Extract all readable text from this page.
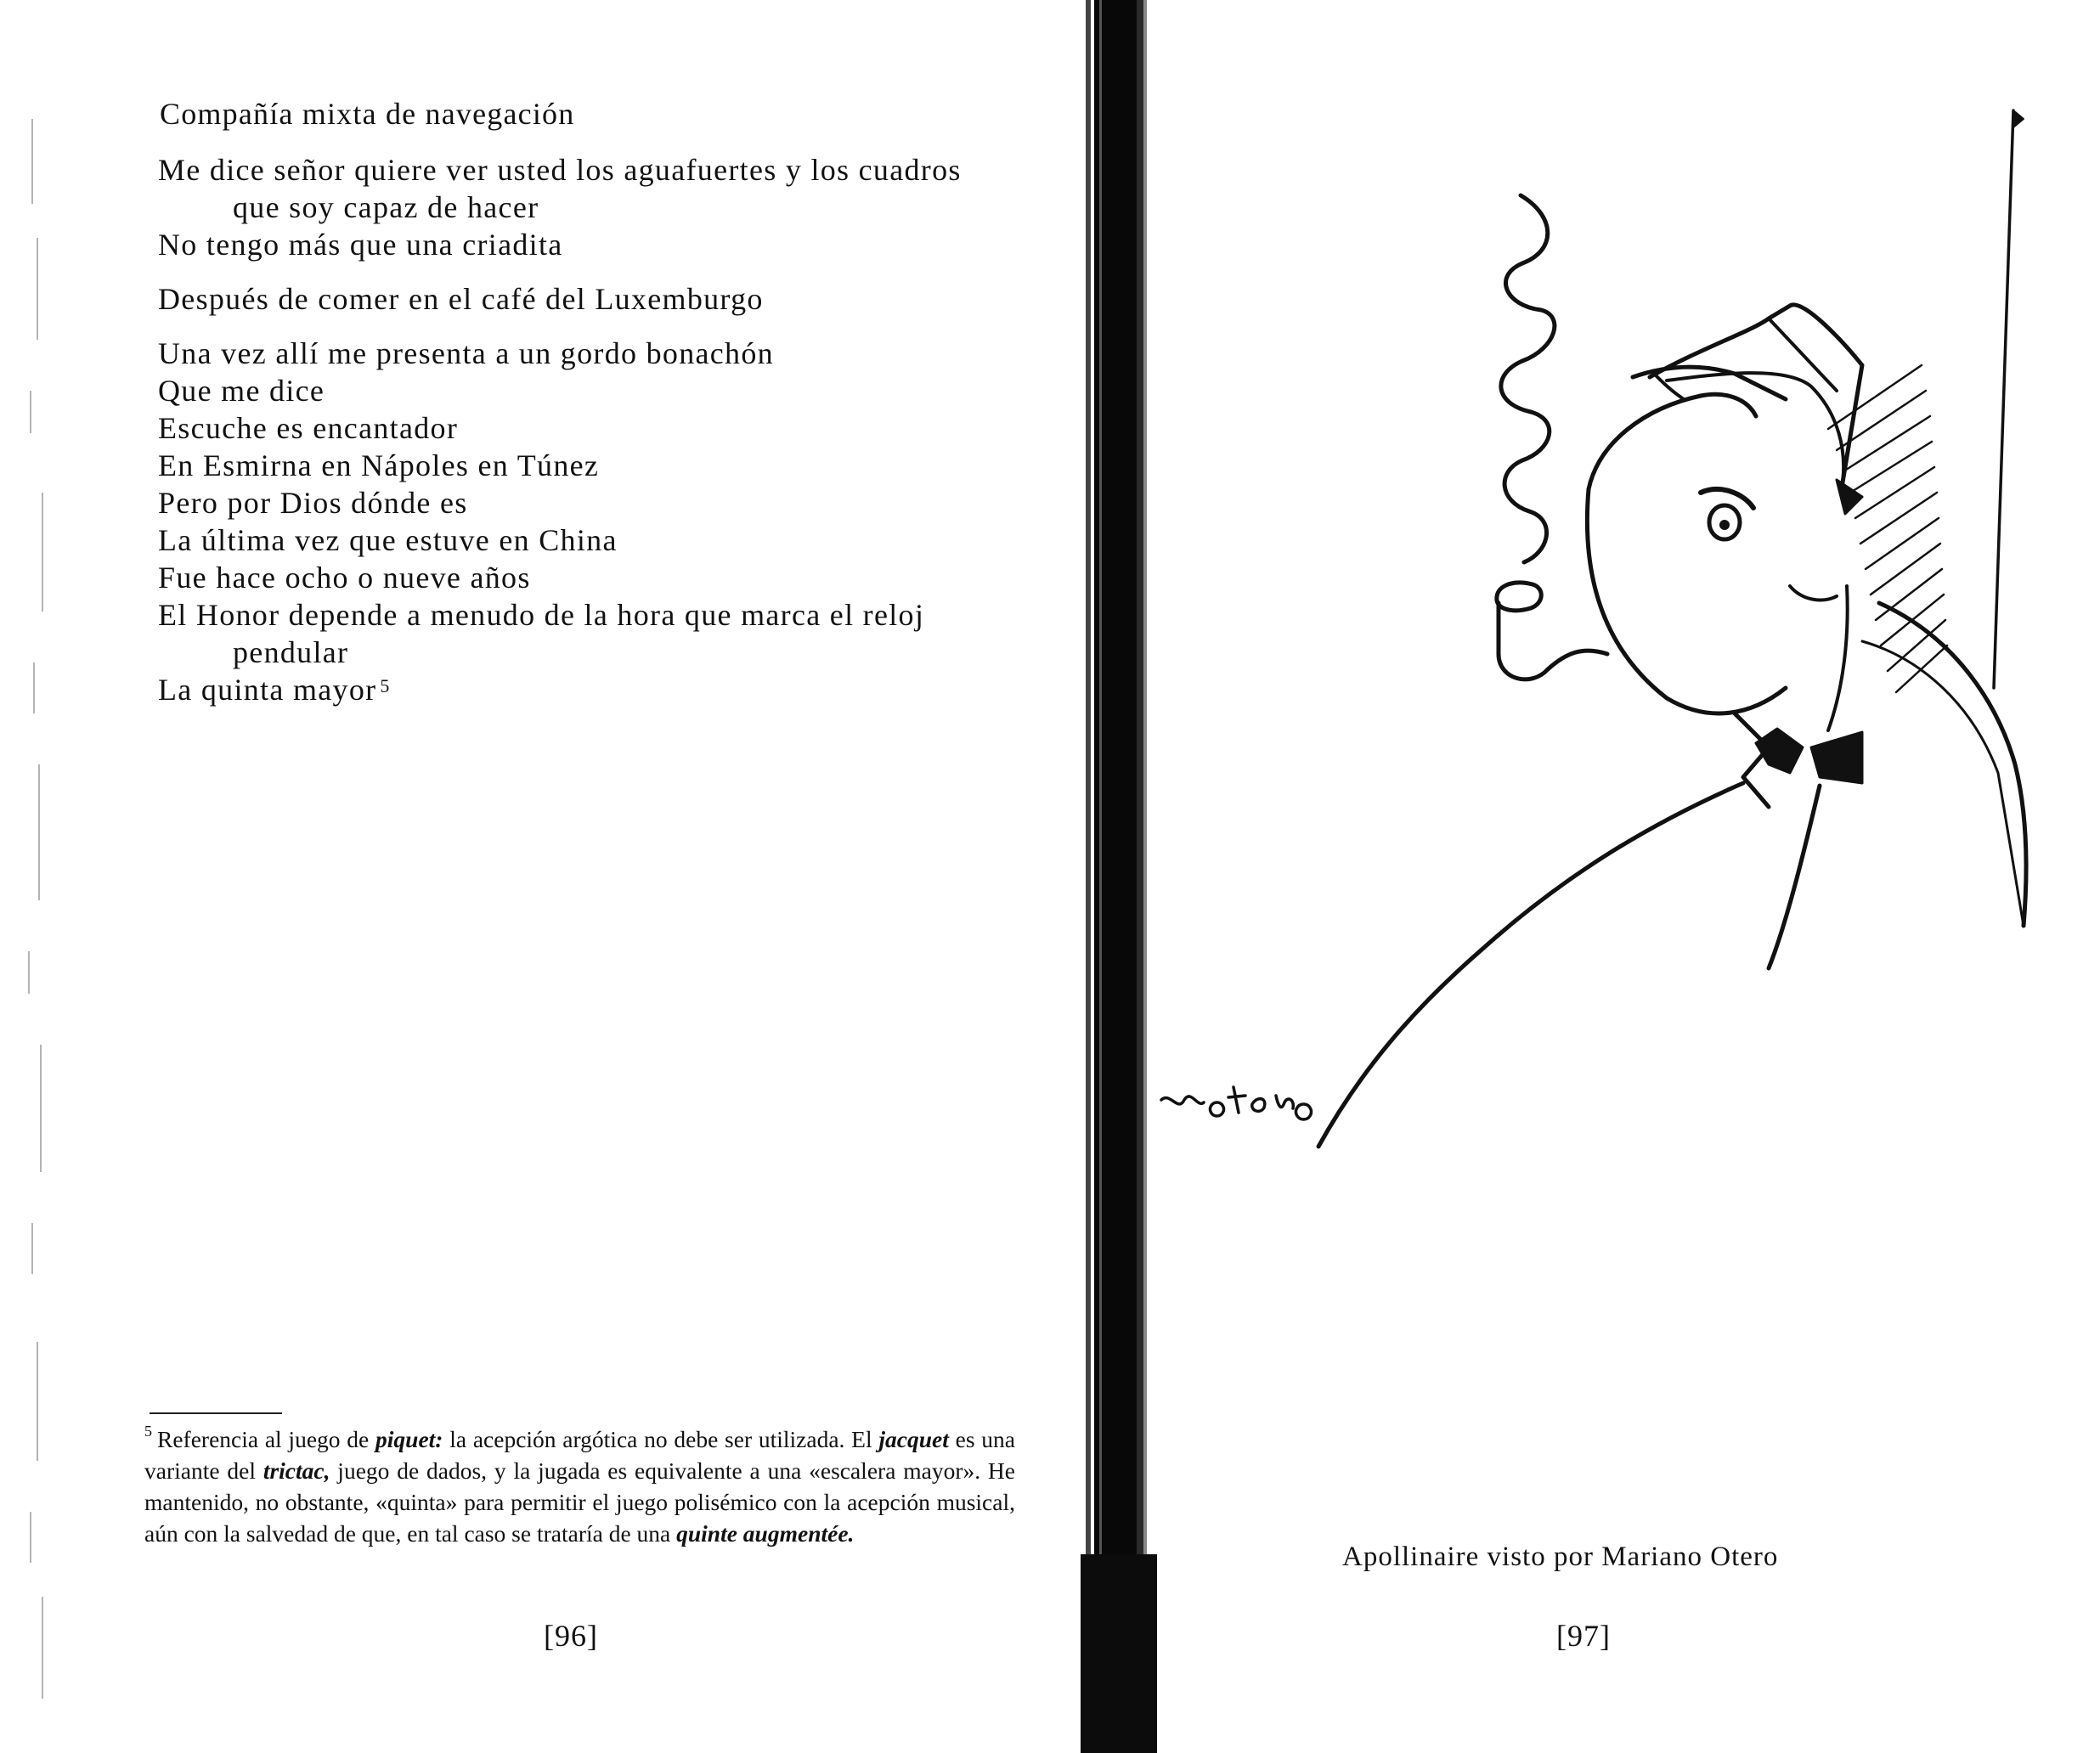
Compañía mixta de navegación
Me dice señor quiere ver usted los aguafuertes y los cuadros
que soy capaz de hacer
No tengo más que una criadita
Después de comer en el café del Luxemburgo
Una vez allí me presenta a un gordo bonachón
Que me dice
Escuche es encantador
En Esmirna en Nápoles en Túnez
Pero por Dios dónde es
La última vez que estuve en China
Fue hace ocho o nueve años
El Honor depende a menudo de la hora que marca el reloj
pendular
La quinta mayor $^5$
$^5$ Referencia al juego de piquet: la acepción argótica no debe ser utilizada. El jacquet es una variante del trictac, juego de dados, y la jugada es equivalente a una «escalera mayor». He mantenido, no obstante, «quinta» para permitir el juego polisémico con la acepción musical, aún con la salvedad de que, en tal caso se trataría de una quinte augmentée.
[96]
Apollinaire visto por Mariano Otero
[97]
